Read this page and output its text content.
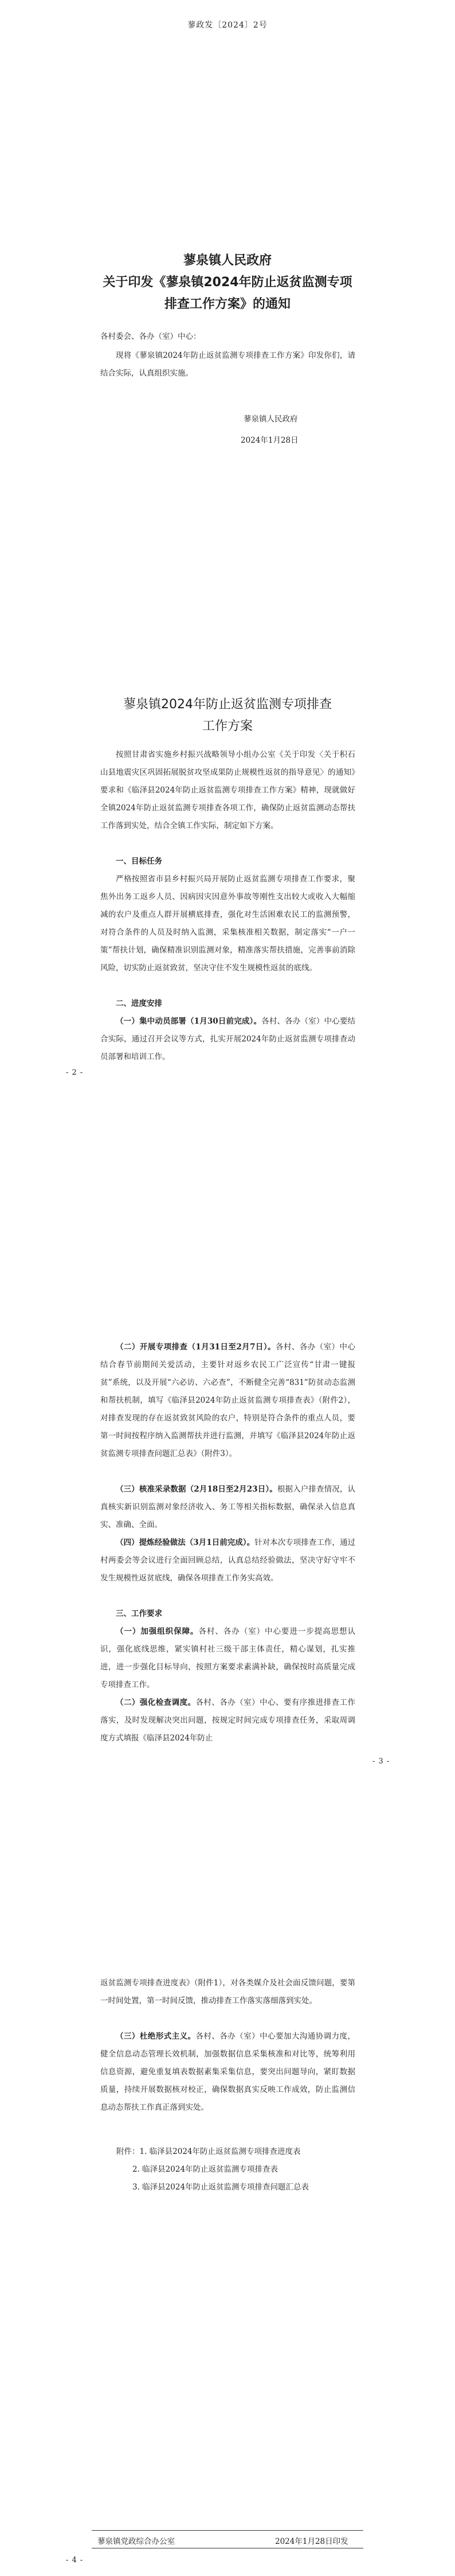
蓼政发〔2024〕2号
蓼泉镇人民政府
关于印发《蓼泉镇2024年防止返贫监测专项
排查工作方案》的通知
各村委会、各办（室）中心：
现将《蓼泉镇2024年防止返贫监测专项排查工作方案》印发你们，请结合实际，认真组织实施。
蓼泉镇人民政府
2024年1月28日
蓼泉镇2024年防止返贫监测专项排查
工作方案
按照甘肃省实施乡村振兴战略领导小组办公室《关于印发〈关于积石山县地震灾区巩固拓展脱贫攻坚成果防止规模性返贫的指导意见〉的通知》要求和《临泽县2024年防止返贫监测专项排查工作方案》精神，现就做好全镇2024年防止返贫监测专项排查各项工作，确保防止返贫监测动态帮扶工作落到实处，结合全镇工作实际，制定如下方案。
一、目标任务
严格按照省市县乡村振兴局开展防止返贫监测专项排查工作要求，聚焦外出务工返乡人员、因病因灾因意外事故等刚性支出较大或收入大幅缩减的农户及重点人群开展横底排查，强化对生活困难农民工的监测预警，对符合条件的人员及时纳入监测，采集核准相关数据，制定落实“一户一策”帮扶计划，确保精准识别监测对象，精准落实帮扶措施，完善事前消除风险，切实防止返贫致贫，坚决守住不发生规模性返贫的底线。
二、进度安排
（一）集中动员部署（1月30日前完成）。各村、各办（室）中心要结合实际，通过召开会议等方式，扎实开展2024年防止返贫监测专项排查动员部署和培训工作。
- 2 -
（二）开展专项排查（1月31日至2月7日）。各村、各办（室）中心结合春节前期间关爱活动，主要针对返乡农民工广泛宣传“甘肃一键报贫”系统，以及开展“六必访、六必查”，不断健全完善“831”防贫动态监测和帮扶机制，填写《临泽县2024年防止返贫监测专项排查表》（附件2），对排查发现的存在返贫致贫风险的农户，特别是符合条件的重点人员，要第一时间按程序纳入监测帮扶并进行监测，并填写《临泽县2024年防止返贫监测专项排查问题汇总表》（附件3）。
（三）核准采录数据（2月18日至2月23日）。根据入户排查情况，认真核实新识别监测对象经济收入、务工等相关指标数据，确保录入信息真实、准确、全面。
（四）提炼经验做法（3月1日前完成）。针对本次专项排查工作，通过村两委会等会议进行全面回顾总结，认真总结经验做法，坚决守好守牢不发生规模性返贫底线，确保各项排查工作务实高效。
三、工作要求
（一）加强组织保障。各村、各办（室）中心要进一步提高思想认识，强化底线思维，紧实镇村社三级干部主体责任，精心谋划，扎实推进，进一步强化目标导向，按照方案要求素满补缺，确保按时高质量完成专项排查工作。
（二）强化检查调度。各村、各办（室）中心、要有序推进排查工作落实，及时发现解决突出问题，按规定时间完成专项排查任务，采取周调度方式填报《临泽县2024年防止
- 3 -
返贫监测专项排查进度表》（附件1），对各类媒介及社会面反馈问题，要第一时间处置，第一时间反馈，推动排查工作落实落细落到实处。
（三）杜绝形式主义。各村、各办（室）中心要加大沟通协调力度，健全信息动态管理长效机制，加强数据信息采集核准和对比等，统筹利用信息资源，避免重复填表数据素集采集信息，要突出问题导向，紧盯数据质量，持续开展数据核对校正，确保数据真实反映工作成效，防止监测信息动态帮扶工作真正落到实处。
附件：1. 临泽县2024年防止返贫监测专项排查进度表
2. 临泽县2024年防止返贫监测专项排查表
3. 临泽县2024年防止返贫监测专项排查问题汇总表
蓼泉镇党政综合办公室	2024年1月28日印发
- 4 -
